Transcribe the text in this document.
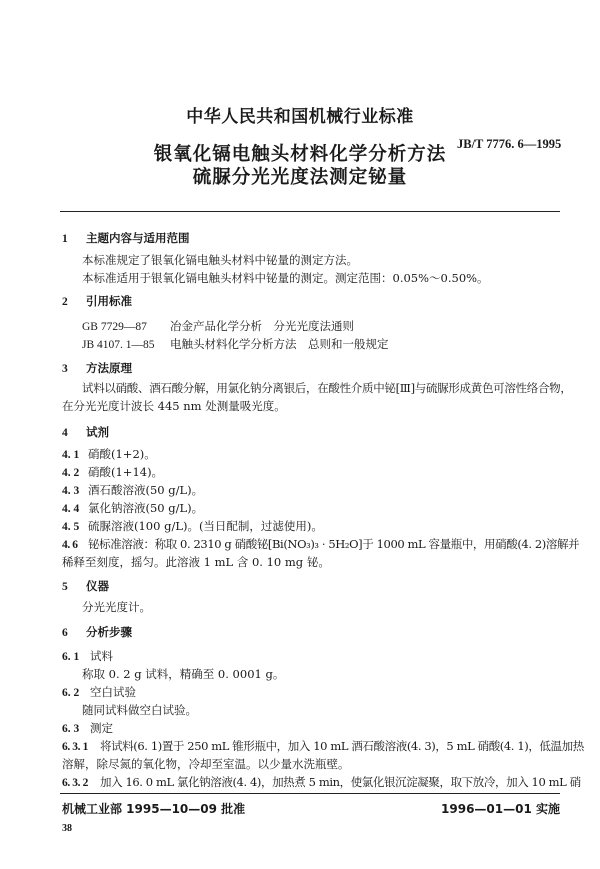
中华人民共和国机械行业标准
银氧化镉电触头材料化学分析方法
硫脲分光光度法测定铋量
JB/T 7776. 6—1995
1 主题内容与适用范围
本标准规定了银氧化镉电触头材料中铋量的测定方法。
本标准适用于银氧化镉电触头材料中铋量的测定。测定范围：0.05%～0.50%。
2 引用标准
GB 7729—87 冶金产品化学分析　分光光度法通则
JB 4107. 1—85 电触头材料化学分析方法　总则和一般规定
3 方法原理
试料以硝酸、酒石酸分解，用氯化钠分离银后，在酸性介质中铋[Ⅲ]与硫脲形成黄色可溶性络合物，
在分光光度计波长 445 nm 处测量吸光度。
4 试剂
4. 1 硝酸(1+2)。
4. 2 硝酸(1+14)。
4. 3 酒石酸溶液(50 g/L)。
4. 4 氯化钠溶液(50 g/L)。
4. 5 硫脲溶液(100 g/L)。(当日配制，过滤使用)。
4. 6 铋标准溶液：称取 0. 2310 g 硝酸铋[Bi(NO₃)₃ · 5H₂O]于 1000 mL 容量瓶中，用硝酸(4. 2)溶解并
稀释至刻度，摇匀。此溶液 1 mL 含 0. 10 mg 铋。
5 仪器
分光光度计。
6 分析步骤
6. 1 试料
称取 0. 2 g 试料，精确至 0. 0001 g。
6. 2 空白试验
随同试料做空白试验。
6. 3 测定
6. 3. 1 将试料(6. 1)置于 250 mL 锥形瓶中，加入 10 mL 酒石酸溶液(4. 3)，5 mL 硝酸(4. 1)，低温加热
溶解，除尽氮的氧化物，冷却至室温。以少量水洗瓶壁。
6. 3. 2 加入 16. 0 mL 氯化钠溶液(4. 4)，加热煮 5 min，使氯化银沉淀凝聚，取下放冷，加入 10 mL 硝
机械工业部 1995—10—09 批准	1996—01—01 实施
38
